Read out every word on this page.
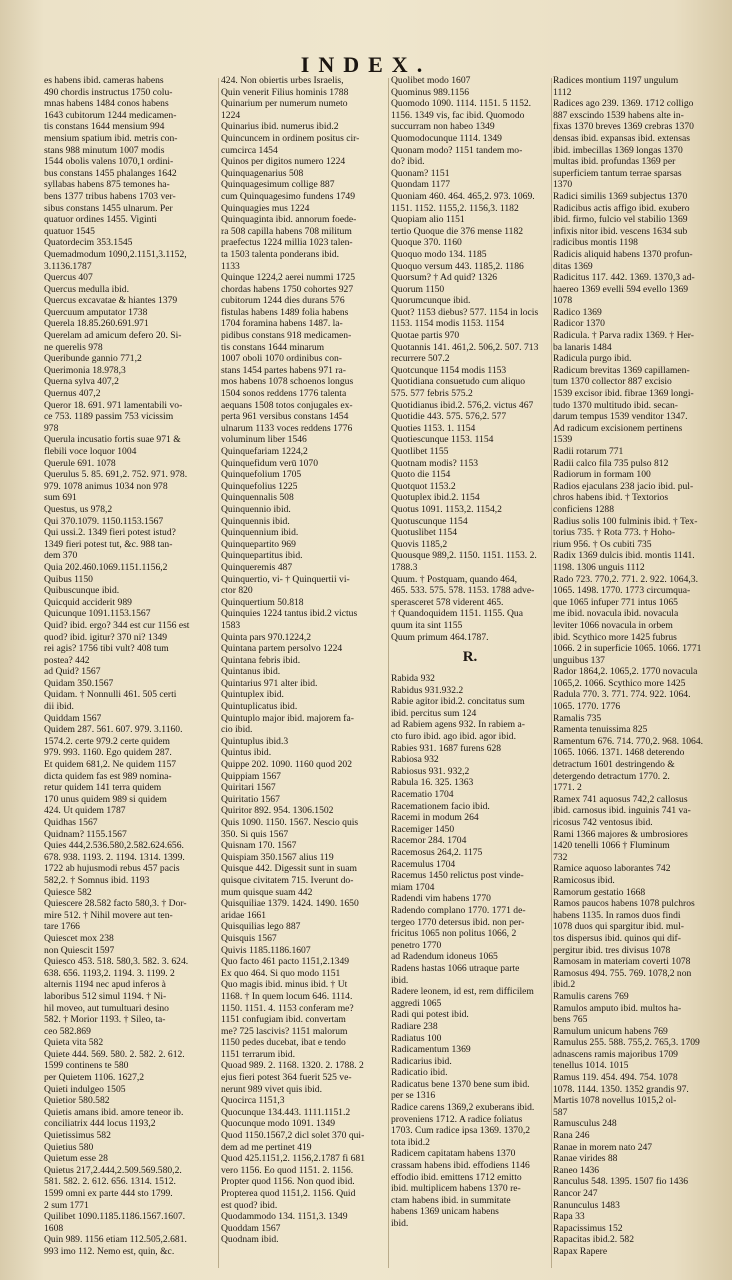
INDEX.
es habens ibid. cameras habens
490 chordis instructus 1750 colu-
mnas habens 1484 conos habens
1643 cubitorum 1244 medicamen-
tis constans 1644 mensium 994
mensium spatium ibid. metris con-
stans 988 minutum 1007 modis
1544 obolis valens 1070,1 ordini-
bus constans 1455 phalanges 1642
syllabas habens 875 temones ha-
bens 1377 tribus habens 1703 ver-
sibus constans 1455 ulnarum. Per
quatuor ordines 1455. Viginti
quatuor 1545
Quatordecim 353.1545
Quemadmodum 1090,2.1151,3.1152,
3.1136.1787
Quercus 407
Quercus medulla ibid.
Quercus excavatae & hiantes 1379
Quercuum amputator 1738
Querela 18.85.260.691.971
Querelam ad amicum defero 20. Si-
ne querelis 978
Queribunde gannio 771,2
Querimonia 18.978,3
Querna sylva 407,2
Quernus 407,2
Queror 18. 691. 971 lamentabili vo-
ce 753. 1189 passim 753 vicissim
978
Querula incusatio fortis suae 971 &
flebili voce loquor 1004
Querule 691. 1078
Querulus 5. 85. 691,2. 752. 971. 978.
979. 1078 animus 1034 non 978
sum 691
Questus, us 978,2
Qui 370.1079. 1150.1153.1567
Qui ussi.2. 1349 fieri potest istud?
1349 fieri potest tut, &c. 988 tan-
dem 370
Quia 202.460.1069.1151.1156,2
Quibus 1150
Quibuscunque ibid.
Quicquid acciderit 989
Quicunque 1091.1153.1567
Quid? ibid. ergo? 344 est cur 1156 est
quod? ibid. igitur? 370 ni? 1349
rei agis? 1756 tibi vult? 408 tum
postea? 442
ad Quid? 1567
Quidam 350.1567
Quidam. † Nonnulli 461. 505 certi
dii ibid.
Quiddam 1567
Quidem 287. 561. 607. 979. 3.1160.
1574.2. certe 979.2 certe quidem
979. 993. 1160. Ego quidem 287.
Et quidem 681,2. Ne quidem 1157
dicta quidem fas est 989 nomina-
retur quidem 141 terra quidem
170 unus quidem 989 si quidem
424. Ut quidem 1787
Quidhas 1567
Quidnam? 1155.1567
Quies 444,2.536.580,2.582.624.656.
678. 938. 1193. 2. 1194. 1314. 1399.
1722 ab hujusmodi rebus 457 pacis
582,2. † Somnus ibid. 1193
Quiesce 582
Quiescere 28.582 facto 580,3. † Dor-
mire 512. † Nihil movere aut ten-
tare 1766
Quiescet mox 238
non Quiescit 1597
Quiesco 453. 518. 580,3. 582. 3. 624.
638. 656. 1193,2. 1194. 3. 1199. 2
alternis 1194 nec apud inferos à
laboribus 512 simul 1194. † Ni-
hil moveo, aut tumultuari desino
582. † Morior 1193. † Sileo, ta-
ceo 582.869
Quieta vita 582
Quiete 444. 569. 580. 2. 582. 2. 612.
1599 continens te 580
per Quietem 1106. 1627,2
Quieti indulgeo 1505
Quietior 580.582
Quietis amans ibid. amore teneor ib.
conciliatrix 444 locus 1193,2
Quietissimus 582
Quietius 580
Quietum esse 28
Quietus 217,2.444,2.509.569.580,2.
581. 582. 2. 612. 656. 1314. 1512.
1599 omni ex parte 444 sto 1799.
2 sum 1771
Quilibet 1090.1185.1186.1567.1607.
1608
Quin 989. 1156 etiam 112.505,2.681.
993 imo 112. Nemo est, quin, &c.
424. Non obiertis urbes Israelis,
Quin venerit Filius hominis 1788
Quinarium per numerum numeto
1224
Quinarius ibid. numerus ibid.2
Quincuncem in ordinem positus cir-
cumcirca 1454
Quinos per digitos numero 1224
Quinquagenarius 508
Quinquagesimum collige 887
cum Quinquagesimo fundens 1749
Quinquagies mus 1224
Quinquaginta ibid. annorum foede-
ra 508 capilla habens 708 militum
praefectus 1224 millia 1023 talen-
ta 1503 talenta ponderans ibid.
1133
Quinque 1224,2 aerei nummi 1725
chordas habens 1750 cohortes 927
cubitorum 1244 dies durans 576
fistulas habens 1489 folia habens
1704 foramina habens 1487. la-
pidibus constans 918 medicamen-
tis constans 1644 minarum
1007 oboli 1070 ordinibus con-
stans 1454 partes habens 971 ra-
mos habens 1078 schoenos longus
1504 sonos reddens 1776 talenta
aequans 1508 totos conjugales ex-
perta 961 versibus constans 1454
ulnarum 1133 voces reddens 1776
voluminum liber 1546
Quinquefariam 1224,2
Quinquefidum verū 1070
Quinquefolium 1705
Quinquefolius 1225
Quinquennalis 508
Quinquennio ibid.
Quinquennis ibid.
Quinquennium ibid.
Quinquepartito 969
Quinquepartitus ibid.
Quinqueremis 487
Quinquertio, vi- † Quinquertii vi-
ctor 820
Quinquertium 50.818
Quinquies 1224 tantus ibid.2 victus
1583
Quinta pars 970.1224,2
Quintana partem persolvo 1224
Quintana febris ibid.
Quintanus ibid.
Quintarius 971 alter ibid.
Quintuplex ibid.
Quintuplicatus ibid.
Quintuplo major ibid. majorem fa-
cio ibid.
Quintuplus ibid.3
Quintus ibid.
Quippe 202. 1090. 1160 quod 202
Quippiam 1567
Quiritari 1567
Quiritatio 1567
Quiritor 892. 954. 1306.1502
Quis 1090. 1150. 1567. Nescio quis
350. Si quis 1567
Quisnam 170. 1567
Quispiam 350.1567 alius 119
Quisque 442. Digessit sunt in suam
quisque civitatem 715. Iverunt do-
mum quisque suam 442
Quisquiliae 1379. 1424. 1490. 1650
aridae 1661
Quisquilias lego 887
Quisquis 1567
Quivis 1185.1186.1607
Quo facto 461 pacto 1151,2.1349
Ex quo 464. Si quo modo 1151
Quo magis ibid. minus ibid. † Ut
1168. † In quem locum 646. 1114.
1150. 1151. 4. 1153 conferam me?
1151 confugiam ibid. convertam
me? 725 lascivis? 1151 malorum
1150 pedes ducebat, ibat e tendo
1151 terrarum ibid.
Quoad 989. 2. 1168. 1320. 2. 1788. 2
ejus fieri potest 364 fuerit 525 ve-
nerunt 989 vivet quis ibid.
Quocirca 1151,3
Quocunque 134.443. 1111.1151.2
Quocunque modo 1091. 1349
Quod 1150.1567,2 dicl solet 370 qui-
dem ad me pertinet 419
Quod 425.1151,2. 1156,2.1787 fi 681
vero 1156. Eo quod 1151. 2. 1156.
Propter quod 1156. Non quod ibid.
Propterea quod 1151,2. 1156. Quid
est quod? ibid.
Quodammodo 134. 1151,3. 1349
Quoddam 1567
Quodnam ibid.
Quolibet modo 1607
Quominus 989.1156
Quomodo 1090. 1114. 1151. 5 1152.
1156. 1349 vis, fac ibid. Quomodo
succurram non habeo 1349
Quomodocunque 1114. 1349
Quonam modo? 1151 tandem mo-
do? ibid.
Quonam? 1151
Quondam 1177
Quoniam 460. 464. 465,2. 973. 1069.
1151. 1152. 1155,2. 1156,3. 1182
Quopiam alio 1151
tertio Quoque die 376 mense 1182
Quoque 370. 1160
Quoquo modo 134. 1185
Quoquo versum 443. 1185,2. 1186
Quorsum? † Ad quid? 1326
Quorum 1150
Quorumcunque ibid.
Quot? 1153 diebus? 577. 1154 in locis
1153. 1154 modis 1153. 1154
Quotae partis 970
Quotannis 141. 461,2. 506,2. 507. 713
recurrere 507.2
Quotcunque 1154 modis 1153
Quotidiana consuetudo cum aliquo
575. 577 febris 575.2
Quotidianus ibid.2. 576,2. victus 467
Quotidie 443. 575. 576,2. 577
Quoties 1153. 1. 1154
Quotiescunque 1153. 1154
Quotlibet 1155
Quotnam modis? 1153
Quoto die 1154
Quotquot 1153.2
Quotuplex ibid.2. 1154
Quotus 1091. 1153,2. 1154,2
Quotuscunque 1154
Quotuslibet 1154
Quovis 1185,2
Quousque 989,2. 1150. 1151. 1153. 2.
1788.3
Quum. † Postquam, quando 464,
465. 533. 575. 578. 1153. 1788 adve-
sperasceret 578 viderent 465.
† Quandoquidem 1151. 1155. Qua
quum ita sint 1155
Quum primum 464.1787.
R.
Rabida 932
Rabidus 931.932.2
Rabie agitor ibid.2. concitatus sum
ibid. percitus sum 124
ad Rabiem agens 932. In rabiem a-
cto furo ibid. ago ibid. agor ibid.
Rabies 931. 1687 furens 628
Rabiosa 932
Rabiosus 931. 932,2
Rabula 16. 325. 1363
Racematio 1704
Racemationem facio ibid.
Racemi in modum 264
Racemiger 1450
Racemor 284. 1704
Racemosus 264,2. 1175
Racemulus 1704
Racemus 1450 relictus post vinde-
miam 1704
Radendi vim habens 1770
Radendo complano 1770. 1771 de-
tergeo 1770 detersus ibid. non per-
fricitus 1065 non politus 1066, 2
penetro 1770
ad Radendum idoneus 1065
Radens hastas 1066 utraque parte
ibid.
Radere leonem, id est, rem difficilem
aggredi 1065
Radi qui potest ibid.
Radiare 238
Radiatus 100
Radicamentum 1369
Radicarius ibid.
Radicatio ibid.
Radicatus bene 1370 bene sum ibid.
per se 1316
Radice carens 1369,2 exuberans ibid.
proveniens 1712. A radice foliatus
1703. Cum radice ipsa 1369. 1370,2
tota ibid.2
Radicem capitatam habens 1370
crassam habens ibid. effodiens 1146
effodio ibid. emittens 1712 emitto
ibid. multiplicem habens 1370 re-
ctam habens ibid. in summitate
habens 1369 unicam habens
ibid.
Radices montium 1197 ungulum
1112
Radices ago 239. 1369. 1712 colligo
887 exscindo 1539 habens alte in-
fixas 1370 breves 1369 crebras 1370
densas ibid. expansas ibid. extensas
ibid. imbecillas 1369 longas 1370
multas ibid. profundas 1369 per
superficiem tantum terrae sparsas
1370
Radici similis 1369 subjectus 1370
Radicibus actis affigo ibid. exubero
ibid. firmo, fulcio vel stabilio 1369
infixis nitor ibid. vescens 1634 sub
radicibus montis 1198
Radicis aliquid habens 1370 profun-
ditas 1369
Radicitus 117. 442. 1369. 1370,3 ad-
haereo 1369 evelli 594 evello 1369
1078
Radico 1369
Radicor 1370
Radicula. † Parva radix 1369. † Her-
ba lanaris 1484
Radicula purgo ibid.
Radicum brevitas 1369 capillamen-
tum 1370 collector 887 excisio
1539 excisor ibid. fibrae 1369 longi-
tudo 1370 multitudo ibid. secan-
darum tempus 1539 venditor 1347.
Ad radicum excisionem pertinens
1539
Radii rotarum 771
Radii calco fila 735 pulso 812
Radiorum in formam 100
Radios ejaculans 238 jacio ibid. pul-
chros habens ibid. † Textorios
conficiens 1288
Radius solis 100 fulminis ibid. † Tex-
torius 735. † Rota 773. † Hoho-
rium 956. † Os cubiti 735
Radix 1369 dulcis ibid. montis 1141.
1198. 1306 unguis 1112
Rado 723. 770,2. 771. 2. 922. 1064,3.
1065. 1498. 1770. 1773 circumqua-
que 1065 infuper 771 intus 1065
me ibid. novacula ibid. novacula
leviter 1066 novacula in orbem
ibid. Scythico more 1425 fubrus
1066. 2 in superficie 1065. 1066. 1771
unguibus 137
Rador 1864,2. 1065,2. 1770 novacula
1065,2. 1066. Scythico more 1425
Radula 770. 3. 771. 774. 922. 1064.
1065. 1770. 1776
Ramalis 735
Ramenta tenuissima 825
Ramentum 676. 714. 770,2. 968. 1064.
1065. 1066. 1371. 1468 deterendo
detractum 1601 destringendo &
detergendo detractum 1770. 2.
1771. 2
Ramex 741 aquosus 742,2 callosus
ibid. carnosus ibid. inguinis 741 va-
ricosus 742 ventosus ibid.
Rami 1366 majores & umbrosiores
1420 tenelli 1066 † Fluminum
732
Ramice aquoso laborantes 742
Ramicosus ibid.
Ramorum gestatio 1668
Ramos paucos habens 1078 pulchros
habens 1135. In ramos duos findi
1078 duos qui spargitur ibid. mul-
tos dispersus ibid. quinos qui dif-
pergitur ibid. tres divisus 1078
Ramosam in materiam coverti 1078
Ramosus 494. 755. 769. 1078,2 non
ibid.2
Ramulis carens 769
Ramulos amputo ibid. multos ha-
bens 765
Ramulum unicum habens 769
Ramulus 255. 588. 755,2. 765,3. 1709
adnascens ramis majoribus 1709
tenellus 1014. 1015
Ramus 119. 454. 494. 754. 1078
1078. 1144. 1350. 1352 grandis 97.
Martis 1078 novellus 1015,2 ol-
587
Ramusculus 248
Rana 246
Ranae in morem nato 247
Ranae virides 88
Raneo 1436
Ranculus 548. 1395. 1507 fio 1436
Rancor 247
Ranunculus 1483
Rapa 33
Rapacissimus 152
Rapacitas ibid.2. 582
Rapax Rapere
